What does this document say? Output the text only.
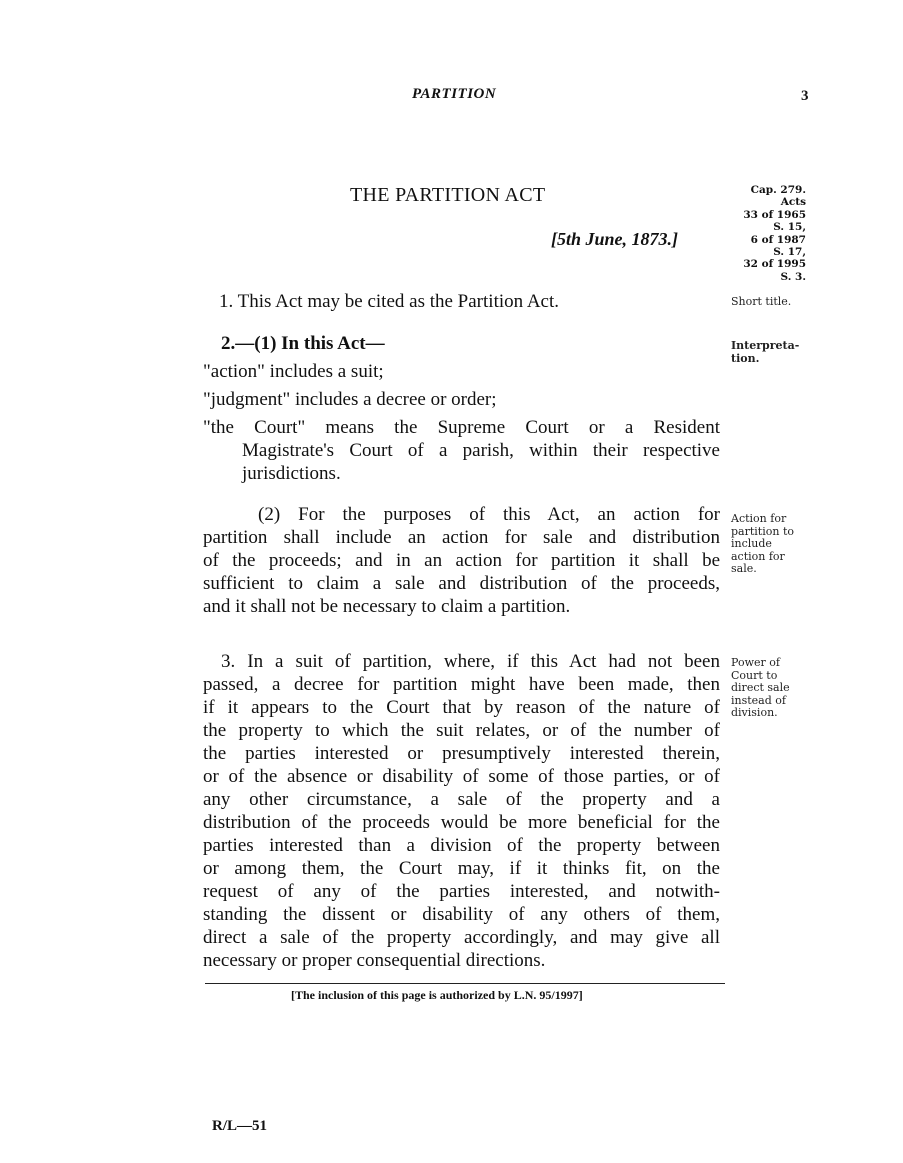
PARTITION	3
THE PARTITION ACT
[5th June, 1873.]
Cap. 279.
Acts
33 of 1965
S. 15,
6 of 1987
S. 17,
32 of 1995
S. 3.
1. This Act may be cited as the Partition Act.	Short title.
2.—(1) In this Act—	Interpreta-
tion.
"action" includes a suit;
"judgment" includes a decree or order;
"the Court" means the Supreme Court or a Resident
Magistrate's Court of a parish, within their respective
jurisdictions.
(2) For the purposes of this Act, an action for
partition shall include an action for sale and distribution
of the proceeds; and in an action for partition it shall be
sufficient to claim a sale and distribution of the proceeds,
and it shall not be necessary to claim a partition.
Action for
partition to
include
action for
sale.
3. In a suit of partition, where, if this Act had not been
passed, a decree for partition might have been made, then
if it appears to the Court that by reason of the nature of
the property to which the suit relates, or of the number of
the parties interested or presumptively interested therein,
or of the absence or disability of some of those parties, or of
any other circumstance, a sale of the property and a
distribution of the proceeds would be more beneficial for the
parties interested than a division of the property between
or among them, the Court may, if it thinks fit, on the
request of any of the parties interested, and notwith-
standing the dissent or disability of any others of them,
direct a sale of the property accordingly, and may give all
necessary or proper consequential directions.
Power of
Court to
direct sale
instead of
division.
[The inclusion of this page is authorized by L.N. 95/1997]
R/L—51
